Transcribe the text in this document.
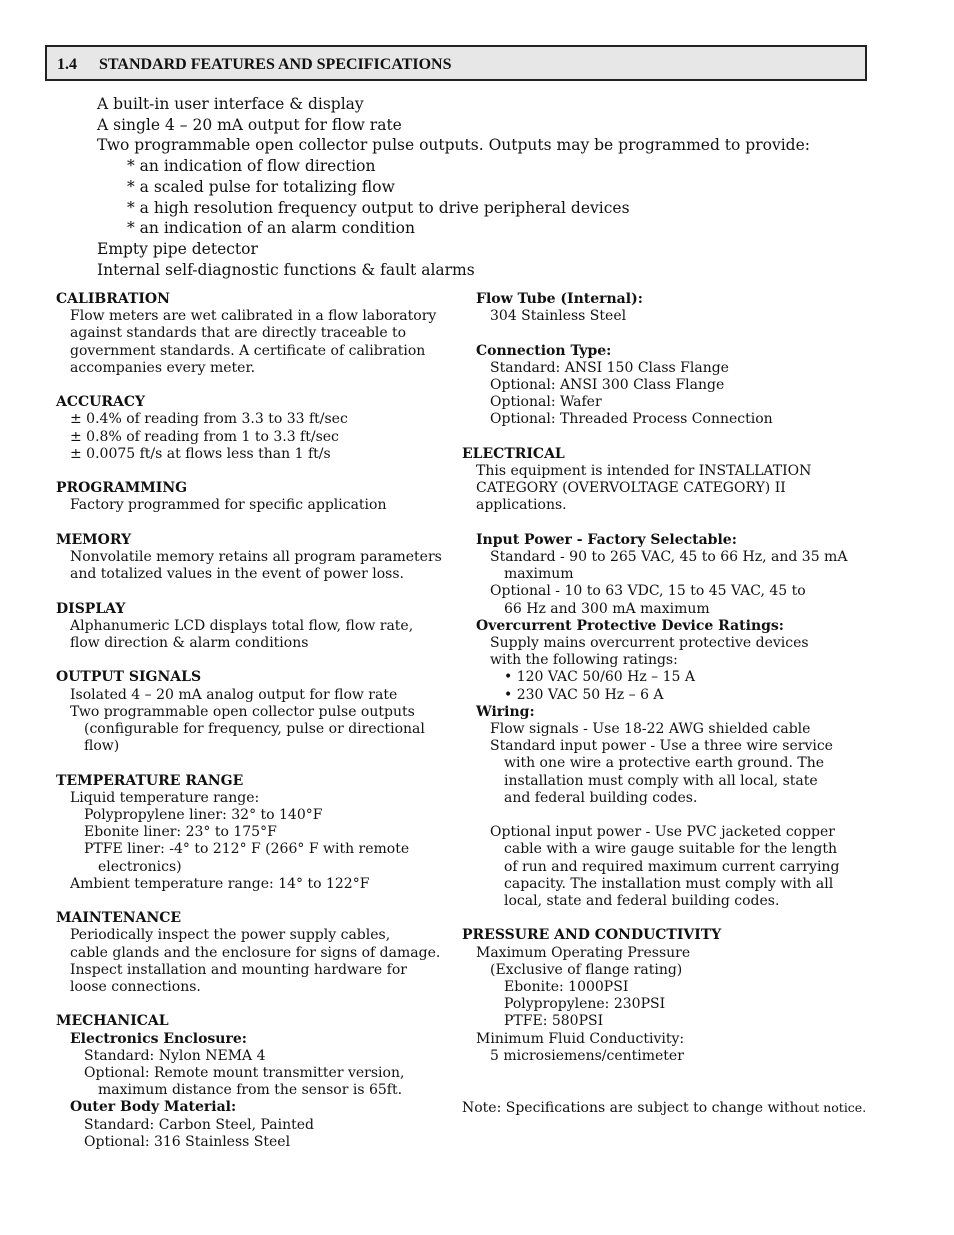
1.4 STANDARD FEATURES AND SPECIFICATIONS
A built-in user interface & display
A single 4 – 20 mA output for flow rate
Two programmable open collector pulse outputs. Outputs may be programmed to provide:
* an indication of flow direction
* a scaled pulse for totalizing flow
* a high resolution frequency output to drive peripheral devices
* an indication of an alarm condition
Empty pipe detector
Internal self-diagnostic functions & fault alarms
CALIBRATION
Flow meters are wet calibrated in a flow laboratory
against standards that are directly traceable to
government standards. A certificate of calibration
accompanies every meter.
ACCURACY
± 0.4% of reading from 3.3 to 33 ft/sec
± 0.8% of reading from 1 to 3.3 ft/sec
± 0.0075 ft/s at flows less than 1 ft/s
PROGRAMMING
Factory programmed for specific application
MEMORY
Nonvolatile memory retains all program parameters
and totalized values in the event of power loss.
DISPLAY
Alphanumeric LCD displays total flow, flow rate,
flow direction & alarm conditions
OUTPUT SIGNALS
Isolated 4 – 20 mA analog output for flow rate
Two programmable open collector pulse outputs
(configurable for frequency, pulse or directional
flow)
TEMPERATURE RANGE
Liquid temperature range:
Polypropylene liner: 32° to 140°F
Ebonite liner: 23° to 175°F
PTFE liner: -4° to 212° F (266° F with remote
electronics)
Ambient temperature range: 14° to 122°F
MAINTENANCE
Periodically inspect the power supply cables,
cable glands and the enclosure for signs of damage.
Inspect installation and mounting hardware for
loose connections.
MECHANICAL
Electronics Enclosure:
Standard: Nylon NEMA 4
Optional: Remote mount transmitter version,
maximum distance from the sensor is 65ft.
Outer Body Material:
Standard: Carbon Steel, Painted
Optional: 316 Stainless Steel
Flow Tube (Internal):
304 Stainless Steel
Connection Type:
Standard: ANSI 150 Class Flange
Optional: ANSI 300 Class Flange
Optional: Wafer
Optional: Threaded Process Connection
ELECTRICAL
This equipment is intended for INSTALLATION
CATEGORY (OVERVOLTAGE CATEGORY) II
applications.
Input Power - Factory Selectable:
Standard - 90 to 265 VAC, 45 to 66 Hz, and 35 mA
maximum
Optional - 10 to 63 VDC, 15 to 45 VAC, 45 to
66 Hz and 300 mA maximum
Overcurrent Protective Device Ratings:
Supply mains overcurrent protective devices
with the following ratings:
• 120 VAC 50/60 Hz – 15 A
• 230 VAC 50 Hz – 6 A
Wiring:
Flow signals - Use 18-22 AWG shielded cable
Standard input power - Use a three wire service
with one wire a protective earth ground. The
installation must comply with all local, state
and federal building codes.
Optional input power - Use PVC jacketed copper
cable with a wire gauge suitable for the length
of run and required maximum current carrying
capacity. The installation must comply with all
local, state and federal building codes.
PRESSURE AND CONDUCTIVITY
Maximum Operating Pressure
(Exclusive of flange rating)
Ebonite: 1000PSI
Polypropylene: 230PSI
PTFE: 580PSI
Minimum Fluid Conductivity:
5 microsiemens/centimeter
Note: Specifications are subject to change without notice.
